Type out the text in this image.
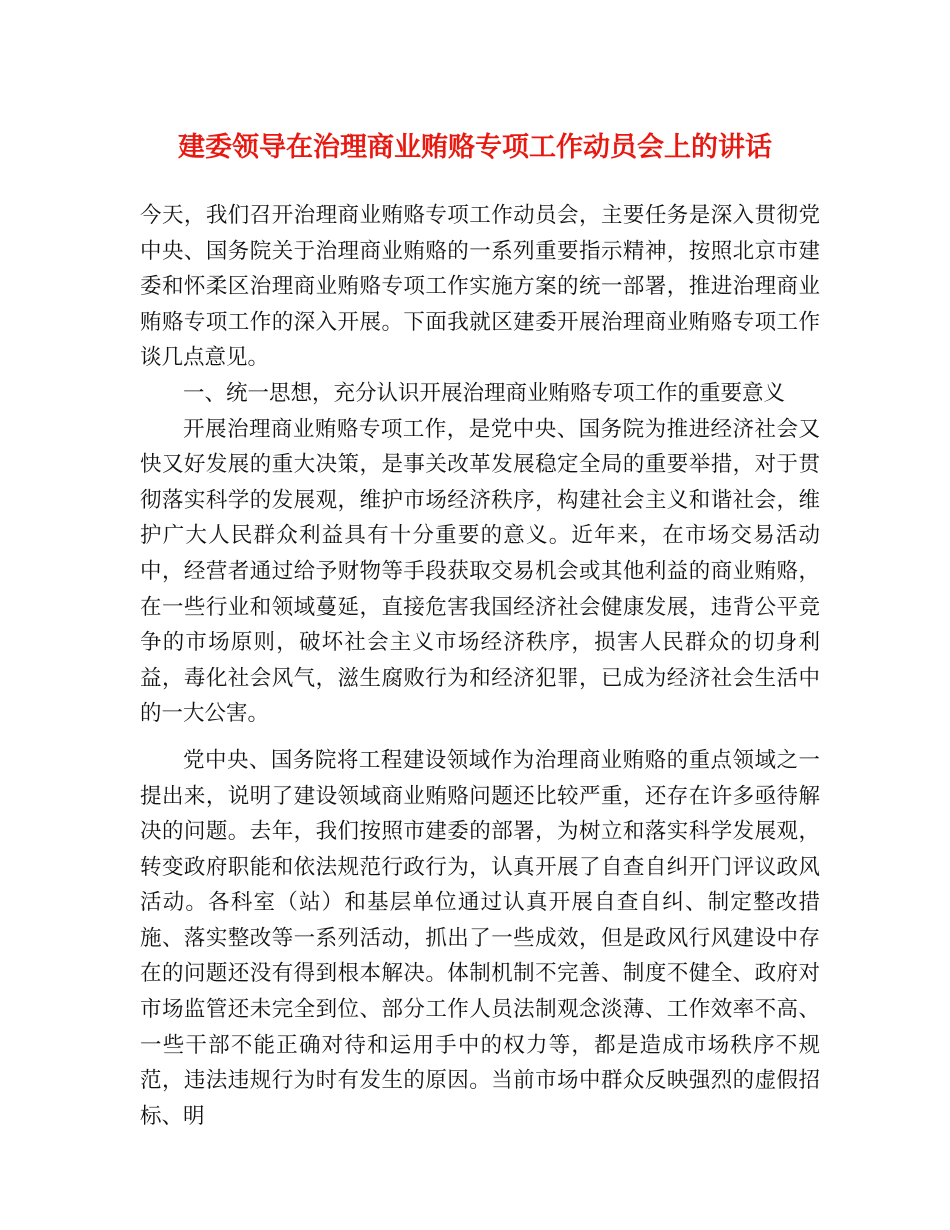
建委领导在治理商业贿赂专项工作动员会上的讲话

今天，我们召开治理商业贿赂专项工作动员会，主要任务是深入贯彻党中央、国务院关于治理商业贿赂的一系列重要指示精神，按照北京市建委和怀柔区治理商业贿赂专项工作实施方案的统一部署，推进治理商业贿赂专项工作的深入开展。下面我就区建委开展治理商业贿赂专项工作谈几点意见。

一、统一思想，充分认识开展治理商业贿赂专项工作的重要意义

开展治理商业贿赂专项工作，是党中央、国务院为推进经济社会又快又好发展的重大决策，是事关改革发展稳定全局的重要举措，对于贯彻落实科学的发展观，维护市场经济秩序，构建社会主义和谐社会，维护广大人民群众利益具有十分重要的意义。近年来，在市场交易活动中，经营者通过给予财物等手段获取交易机会或其他利益的商业贿赂，在一些行业和领域蔓延，直接危害我国经济社会健康发展，违背公平竞争的市场原则，破坏社会主义市场经济秩序，损害人民群众的切身利益，毒化社会风气，滋生腐败行为和经济犯罪，已成为经济社会生活中的一大公害。

党中央、国务院将工程建设领域作为治理商业贿赂的重点领域之一提出来，说明了建设领域商业贿赂问题还比较严重，还存在许多亟待解决的问题。去年，我们按照市建委的部署，为树立和落实科学发展观，转变政府职能和依法规范行政行为，认真开展了自查自纠开门评议政风活动。各科室（站）和基层单位通过认真开展自查自纠、制定整改措施、落实整改等一系列活动，抓出了一些成效，但是政风行风建设中存在的问题还没有得到根本解决。体制机制不完善、制度不健全、政府对市场监管还未完全到位、部分工作人员法制观念淡薄、工作效率不高、一些干部不能正确对待和运用手中的权力等，都是造成市场秩序不规范，违法违规行为时有发生的原因。当前市场中群众反映强烈的虚假招标、明
